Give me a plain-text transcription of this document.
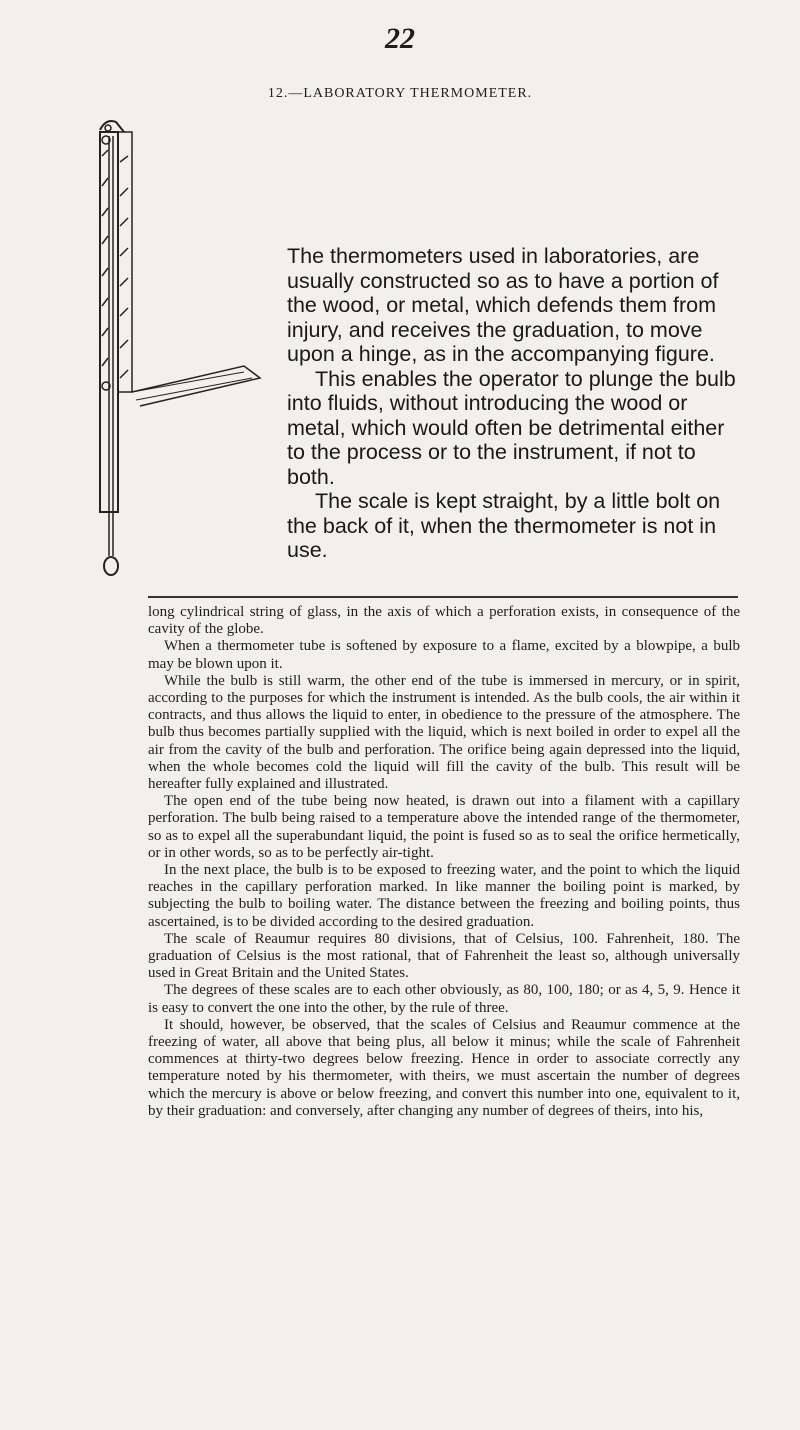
22
12.—LABORATORY THERMOMETER.

The thermometers used in laboratories, are usually constructed so as to have a portion of the wood, or metal, which defends them from injury, and receives the graduation, to move upon a hinge, as in the accompanying figure.

This enables the operator to plunge the bulb into fluids, without introducing the wood or metal, which would often be detrimental either to the process or to the instrument, if not to both.

The scale is kept straight, by a little bolt on the back of it, when the thermometer is not in use.

long cylindrical string of glass, in the axis of which a perforation exists, in consequence of the cavity of the globe.

When a thermometer tube is softened by exposure to a flame, excited by a blowpipe, a bulb may be blown upon it.

While the bulb is still warm, the other end of the tube is immersed in mercury, or in spirit, according to the purposes for which the instrument is intended. As the bulb cools, the air within it contracts, and thus allows the liquid to enter, in obedience to the pressure of the atmosphere. The bulb thus becomes partially supplied with the liquid, which is next boiled in order to expel all the air from the cavity of the bulb and perforation. The orifice being again depressed into the liquid, when the whole becomes cold the liquid will fill the cavity of the bulb. This result will be hereafter fully explained and illustrated.

The open end of the tube being now heated, is drawn out into a filament with a capillary perforation. The bulb being raised to a temperature above the intended range of the thermometer, so as to expel all the superabundant liquid, the point is fused so as to seal the orifice hermetically, or in other words, so as to be perfectly air-tight.

In the next place, the bulb is to be exposed to freezing water, and the point to which the liquid reaches in the capillary perforation marked. In like manner the boiling point is marked, by subjecting the bulb to boiling water. The distance between the freezing and boiling points, thus ascertained, is to be divided according to the desired graduation.

The scale of Reaumur requires 80 divisions, that of Celsius, 100. Fahrenheit, 180. The graduation of Celsius is the most rational, that of Fahrenheit the least so, although universally used in Great Britain and the United States.

The degrees of these scales are to each other obviously, as 80, 100, 180; or as 4, 5, 9. Hence it is easy to convert the one into the other, by the rule of three.

It should, however, be observed, that the scales of Celsius and Reaumur commence at the freezing of water, all above that being plus, all below it minus; while the scale of Fahrenheit commences at thirty-two degrees below freezing. Hence in order to associate correctly any temperature noted by his thermometer, with theirs, we must ascertain the number of degrees which the mercury is above or below freezing, and convert this number into one, equivalent to it, by their graduation: and conversely, after changing any number of degrees of theirs, into his,
